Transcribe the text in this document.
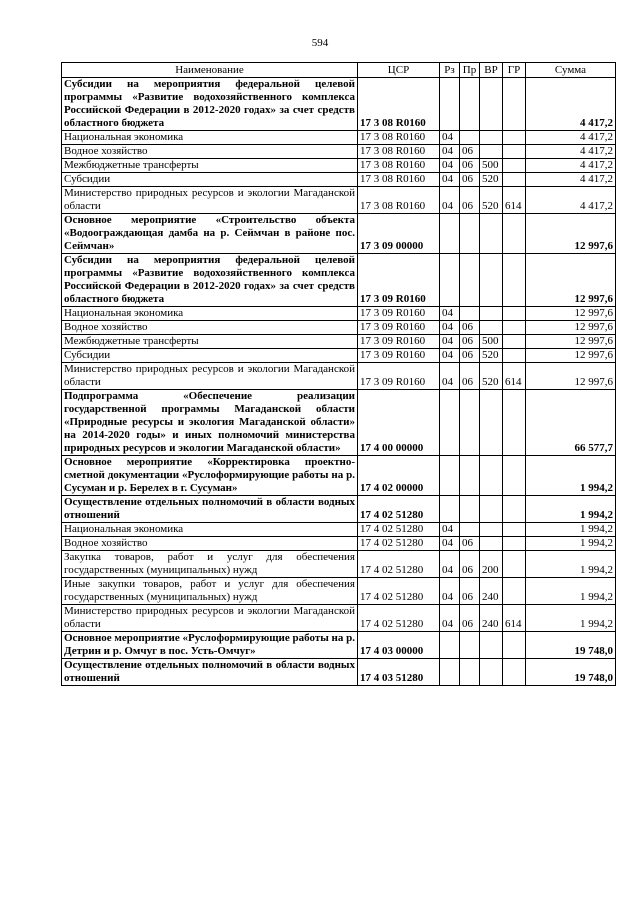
594
Наименование	ЦСР	Рз	Пр	ВР	ГР	Сумма
Субсидии на мероприятия федеральной целевой программы «Развитие водохозяйственного комплекса Российской Федерации в 2012-2020 годах» за счет средств областного бюджета	17 3 08 R0160					4 417,2
Национальная экономика	17 3 08 R0160	04				4 417,2
Водное хозяйство	17 3 08 R0160	04	06			4 417,2
Межбюджетные трансферты	17 3 08 R0160	04	06	500		4 417,2
Субсидии	17 3 08 R0160	04	06	520		4 417,2
Министерство природных ресурсов и экологии Магаданской области	17 3 08 R0160	04	06	520	614	4 417,2
Основное мероприятие «Строительство объекта «Водоограждающая дамба на р. Сеймчан в районе пос. Сеймчан»	17 3 09 00000					12 997,6
Субсидии на мероприятия федеральной целевой программы «Развитие водохозяйственного комплекса Российской Федерации в 2012-2020 годах» за счет средств областного бюджета	17 3 09 R0160					12 997,6
Национальная экономика	17 3 09 R0160	04				12 997,6
Водное хозяйство	17 3 09 R0160	04	06			12 997,6
Межбюджетные трансферты	17 3 09 R0160	04	06	500		12 997,6
Субсидии	17 3 09 R0160	04	06	520		12 997,6
Министерство природных ресурсов и экологии Магаданской области	17 3 09 R0160	04	06	520	614	12 997,6
Подпрограмма «Обеспечение реализации государственной программы Магаданской области «Природные ресурсы и экология Магаданской области» на 2014-2020 годы» и иных полномочий министерства природных ресурсов и экологии Магаданской области»	17 4 00 00000					66 577,7
Основное мероприятие «Корректировка проектно-сметной документации «Руслоформирующие работы на р. Сусуман и р. Берелех в г. Сусуман»	17 4 02 00000					1 994,2
Осуществление отдельных полномочий в области водных отношений	17 4 02 51280					1 994,2
Национальная экономика	17 4 02 51280	04				1 994,2
Водное хозяйство	17 4 02 51280	04	06			1 994,2
Закупка товаров, работ и услуг для обеспечения государственных (муниципальных) нужд	17 4 02 51280	04	06	200		1 994,2
Иные закупки товаров, работ и услуг для обеспечения государственных (муниципальных) нужд	17 4 02 51280	04	06	240		1 994,2
Министерство природных ресурсов и экологии Магаданской области	17 4 02 51280	04	06	240	614	1 994,2
Основное мероприятие «Руслоформирующие работы на р. Детрин и р. Омчуг в пос. Усть-Омчуг»	17 4 03 00000					19 748,0
Осуществление отдельных полномочий в области водных отношений	17 4 03 51280					19 748,0
